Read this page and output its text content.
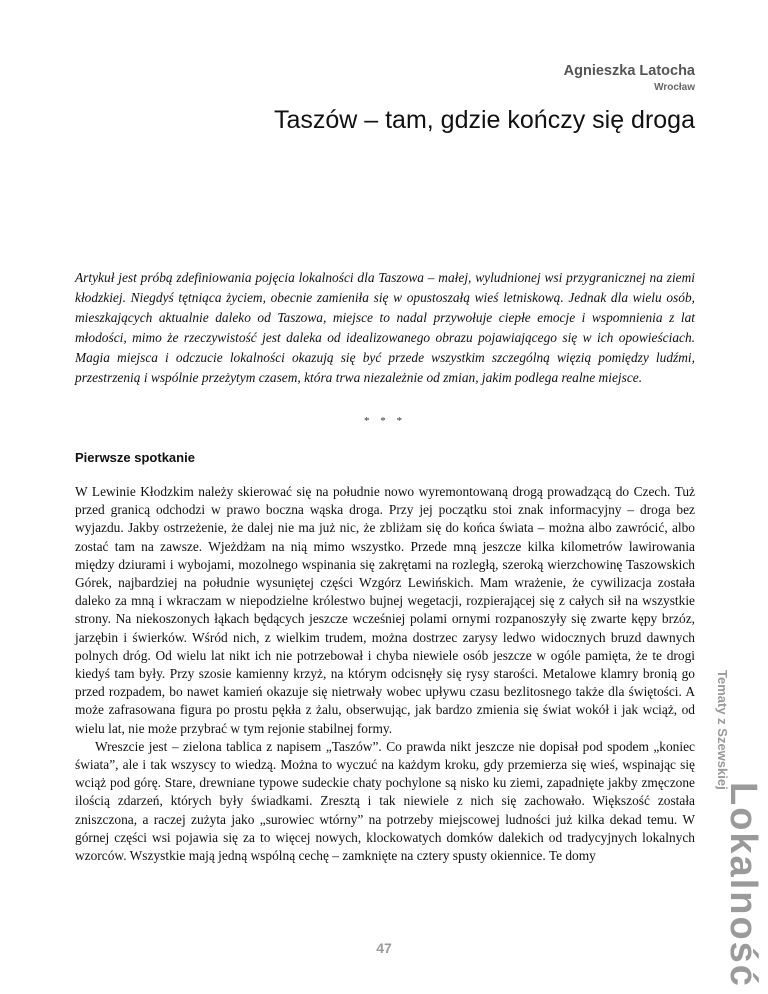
Agnieszka Latocha
Wrocław
Taszów – tam, gdzie kończy się droga
Artykuł jest próbą zdefiniowania pojęcia lokalności dla Taszowa – małej, wyludnionej wsi przygranicznej na ziemi kłodzkiej. Niegdyś tętniąca życiem, obecnie zamieniła się w opustoszałą wieś letniskową. Jednak dla wielu osób, mieszkających aktualnie daleko od Taszowa, miejsce to nadal przywołuje ciepłe emocje i wspomnienia z lat młodości, mimo że rzeczywistość jest daleka od idealizowanego obrazu pojawiającego się w ich opowieściach. Magia miejsca i odczucie lokalności okazują się być przede wszystkim szczególną więzią pomiędzy ludźmi, przestrzenią i wspólnie przeżytym czasem, która trwa niezależnie od zmian, jakim podlega realne miejsce.
* * *
Pierwsze spotkanie

W Lewinie Kłodzkim należy skierować się na południe nowo wyremontowaną drogą prowadzącą do Czech. Tuż przed granicą odchodzi w prawo boczna wąska droga. Przy jej początku stoi znak informacyjny – droga bez wyjazdu. Jakby ostrzeżenie, że dalej nie ma już nic, że zbliżam się do końca świata – można albo zawrócić, albo zostać tam na zawsze. Wjeżdżam na nią mimo wszystko. Przede mną jeszcze kilka kilometrów lawirowania między dziurami i wybojami, mozolnego wspinania się zakrętami na rozległą, szeroką wierzchowinę Taszowskich Górek, najbardziej na południe wysuniętej części Wzgórz Lewińskich. Mam wrażenie, że cywilizacja została daleko za mną i wkraczam w niepodzielne królestwo bujnej wegetacji, rozpierającej się z całych sił na wszystkie strony. Na niekoszonych łąkach będących jeszcze wcześniej polami ornymi rozpanoszyły się zwarte kępy brzóz, jarzębin i świerków. Wśród nich, z wielkim trudem, można dostrzec zarysy ledwo widocznych bruzd dawnych polnych dróg. Od wielu lat nikt ich nie potrzebował i chyba niewiele osób jeszcze w ogóle pamięta, że te drogi kiedyś tam były. Przy szosie kamienny krzyż, na którym odcisnęły się rysy starości. Metalowe klamry bronią go przed rozpadem, bo nawet kamień okazuje się nietrwały wobec upływu czasu bezlitosnego także dla świętości. A może zafrasowana figura po prostu pękła z żalu, obserwując, jak bardzo zmienia się świat wokół i jak wciąż, od wielu lat, nie może przybrać w tym rejonie stabilnej formy.

Wreszcie jest – zielona tablica z napisem „Taszów”. Co prawda nikt jeszcze nie dopisał pod spodem „koniec świata”, ale i tak wszyscy to wiedzą. Można to wyczuć na każdym kroku, gdy przemierza się wieś, wspinając się wciąż pod górę. Stare, drewniane typowe sudeckie chaty pochylone są nisko ku ziemi, zapadnięte jakby zmęczone ilością zdarzeń, których były świadkami. Zresztą i tak niewiele z nich się zachowało. Większość została zniszczona, a raczej zużyta jako „surowiec wtórny” na potrzeby miejscowej ludności już kilka dekad temu. W górnej części wsi pojawia się za to więcej nowych, klockowatych domków dalekich od tradycyjnych lokalnych wzorców. Wszystkie mają jedną wspólną cechę – zamknięte na cztery spusty okiennice. Te domy

47
Tematy z Szewskiej
Lokalność
